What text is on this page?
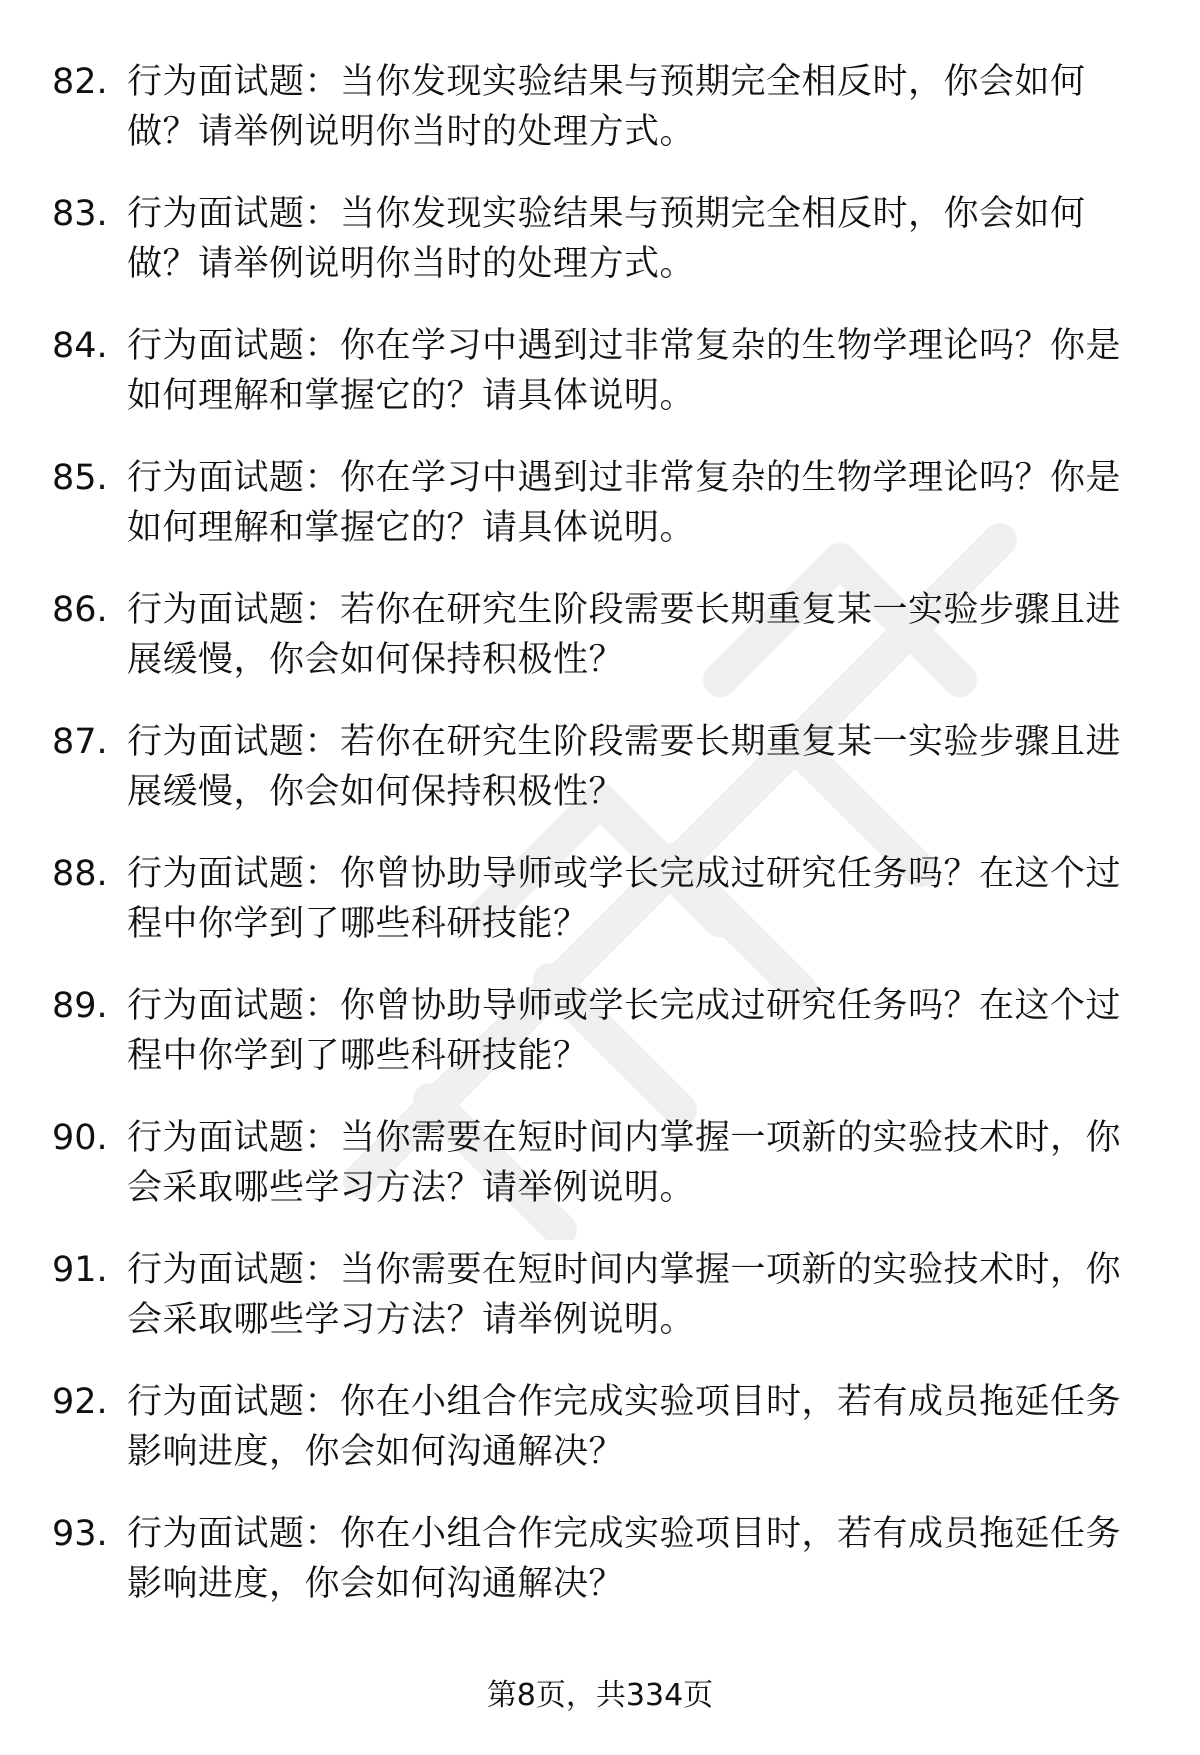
82. 行为面试题：当你发现实验结果与预期完全相反时，你会如何做？请举例说明你当时的处理方式。
83. 行为面试题：当你发现实验结果与预期完全相反时，你会如何做？请举例说明你当时的处理方式。
84. 行为面试题：你在学习中遇到过非常复杂的生物学理论吗？你是如何理解和掌握它的？请具体说明。
85. 行为面试题：你在学习中遇到过非常复杂的生物学理论吗？你是如何理解和掌握它的？请具体说明。
86. 行为面试题：若你在研究生阶段需要长期重复某一实验步骤且进展缓慢，你会如何保持积极性？
87. 行为面试题：若你在研究生阶段需要长期重复某一实验步骤且进展缓慢，你会如何保持积极性？
88. 行为面试题：你曾协助导师或学长完成过研究任务吗？在这个过程中你学到了哪些科研技能？
89. 行为面试题：你曾协助导师或学长完成过研究任务吗？在这个过程中你学到了哪些科研技能？
90. 行为面试题：当你需要在短时间内掌握一项新的实验技术时，你会采取哪些学习方法？请举例说明。
91. 行为面试题：当你需要在短时间内掌握一项新的实验技术时，你会采取哪些学习方法？请举例说明。
92. 行为面试题：你在小组合作完成实验项目时，若有成员拖延任务影响进度，你会如何沟通解决？
93. 行为面试题：你在小组合作完成实验项目时，若有成员拖延任务影响进度，你会如何沟通解决？
第8页，共334页
